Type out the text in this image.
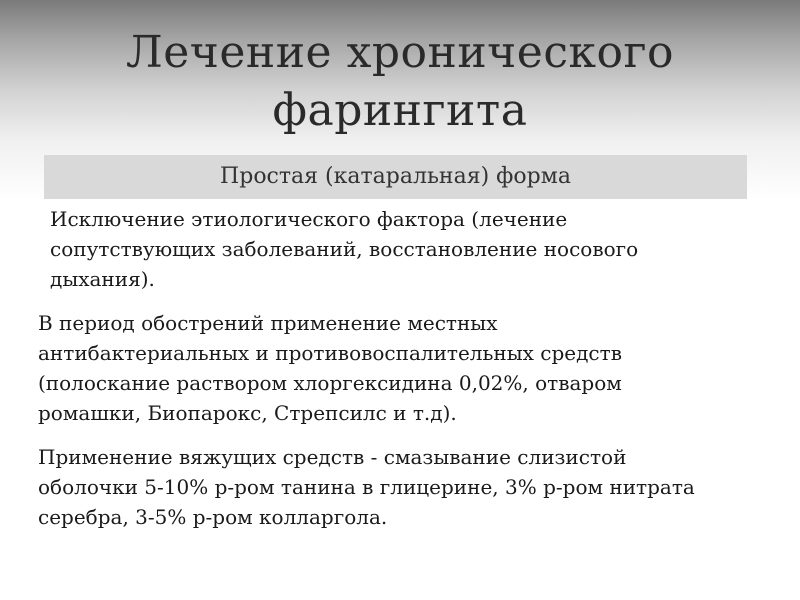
Лечение хронического
фарингита
Простая (катаральная) форма
Исключение этиологического фактора (лечение
сопутствующих заболеваний, восстановление носового
дыхания).
В период обострений применение местных
антибактериальных и противовоспалительных средств
(полоскание раствором хлоргексидина 0,02%, отваром
ромашки, Биопарокс, Стрепсилс и т.д).
Применение вяжущих средств - смазывание слизистой
оболочки 5-10% р-ром танина в глицерине, 3% р-ром нитрата
серебра, 3-5% р-ром колларгола.
